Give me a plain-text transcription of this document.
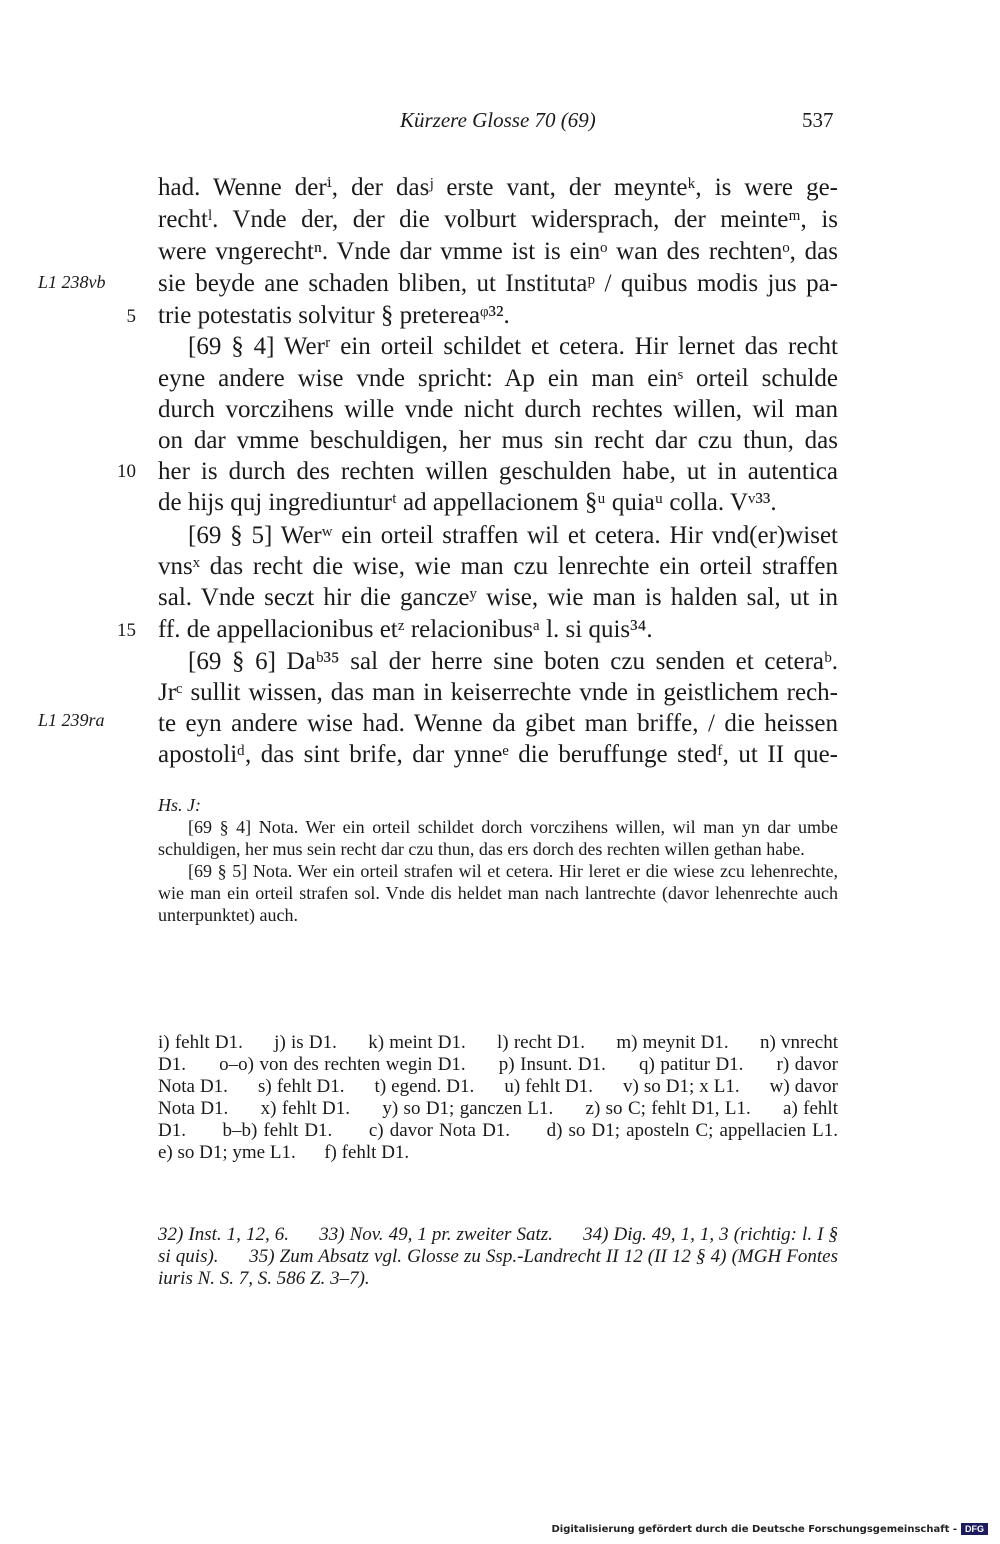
Kürzere Glosse 70 (69)	537
L1 238vb
L1 239ra
5
10
15
had. Wenne derⁱ, der dasʲ erste vant, der meynteᵏ, is were ge-
rechtˡ. Vnde der, der die volburt widersprach, der meinteᵐ, is
were vngerechtⁿ. Vnde dar vmme ist is einᵒ wan des rechtenᵒ, das
sie beyde ane schaden bliben, ut Institutaᵖ / quibus modis jus pa-
trie potestatis solvitur § pretereaᵠ³².
[69 § 4] Werʳ ein orteil schildet et cetera. Hir lernet das recht
eyne andere wise vnde spricht: Ap ein man einˢ orteil schulde
durch vorczihens wille vnde nicht durch rechtes willen, wil man
on dar vmme beschuldigen, her mus sin recht dar czu thun, das
her is durch des rechten willen geschulden habe, ut in autentica
de hijs quj ingrediunturᵗ ad appellacionem §ᵘ quiaᵘ colla. Vᵛ³³.
[69 § 5] Werʷ ein orteil straffen wil et cetera. Hir vnd(er)wiset
vnsˣ das recht die wise, wie man czu lenrechte ein orteil straffen
sal. Vnde seczt hir die ganczeʸ wise, wie man is halden sal, ut in
ff. de appellacionibus etᶻ relacionibusᵃ l. si quis³⁴.
[69 § 6] Daᵇ³⁵ sal der herre sine boten czu senden et ceteraᵇ.
Jrᶜ sullit wissen, das man in keiserrechte vnde in geistlichem rech-
te eyn andere wise had. Wenne da gibet man briffe, / die heissen
apostoliᵈ, das sint brife, dar ynneᵉ die beruffunge stedᶠ, ut II que-
Hs. J:
[69 § 4] Nota. Wer ein orteil schildet dorch vorczihens willen, wil man yn dar umbe schuldigen, her mus sein recht dar czu thun, das ers dorch des rechten willen gethan habe.
[69 § 5] Nota. Wer ein orteil strafen wil et cetera. Hir leret er die wiese zcu lehenrechte, wie man ein orteil strafen sol. Vnde dis heldet man nach lantrechte (davor lehenrechte auch unterpunktet) auch.
i) fehlt D1.      j) is D1.      k) meint D1.      l) recht D1.      m) meynit D1.      n) vnrecht D1.      o–o) von des rechten wegin D1.      p) Insunt. D1.      q) patitur D1.      r) davor Nota D1.      s) fehlt D1.      t) egend. D1.      u) fehlt D1.      v) so D1; x L1.      w) davor Nota D1.      x) fehlt D1.      y) so D1; ganczen L1.      z) so C; fehlt D1, L1.      a) fehlt D1.      b–b) fehlt D1.      c) davor Nota D1.      d) so D1; aposteln C; appellacien L1.      e) so D1; yme L1.      f) fehlt D1.
32) Inst. 1, 12, 6.      33) Nov. 49, 1 pr. zweiter Satz.      34) Dig. 49, 1, 1, 3 (richtig: l. I § si quis).      35) Zum Absatz vgl. Glosse zu Ssp.-Landrecht II 12 (II 12 § 4) (MGH Fontes iuris N. S. 7, S. 586 Z. 3–7).
Digitalisierung gefördert durch die Deutsche Forschungsgemeinschaft - DFG
